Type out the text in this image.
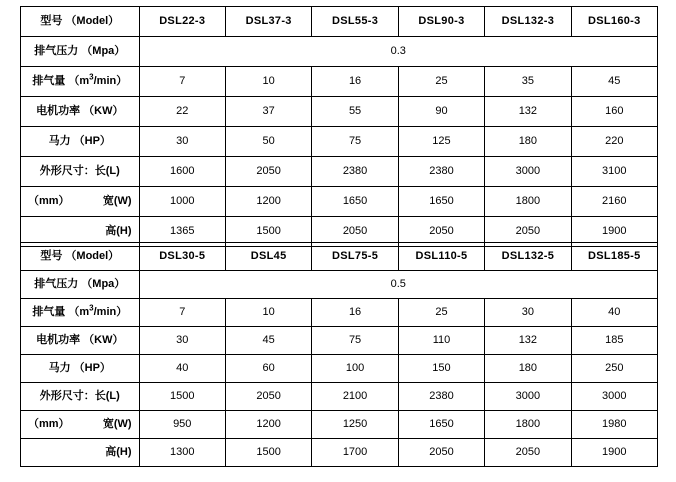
型号
（Model）	DSL22-3	DSL37-3	DSL55-3	DSL90-3	DSL132-3	DSL160-3

排气压力
（Mpa）	0.3					

排气量
$(m^3/\min)$	7	10	16	25	35	45

电机功率
（KW）	22	37	55	90	132	160

马力
（HP）	30	50	75	125	180	220

外形尺寸：长(L)	1600	2050	2380	2380	3000	3100

（mm） 宽(W)	1000	1200	1650	1650	1800	2160

高(H)	1365	1500	2050	2050	2050	1900
型号
（Model）	DSL30-5	DSL45	DSL75-5	DSL110-5	DSL132-5	DSL185-5

排气压力
（Mpa）	0.5					

排气量
$(m^3/\min)$	7	10	16	25	30	40

电机功率
（KW）	30	45	75	110	132	185

马力
（HP）	40	60	100	150	180	250

外形尺寸：长(L)	1500	2050	2100	2380	3000	3000

（mm） 宽(W)	950	1200	1250	1650	1800	1980

高(H)	1300	1500	1700	2050	2050	1900
